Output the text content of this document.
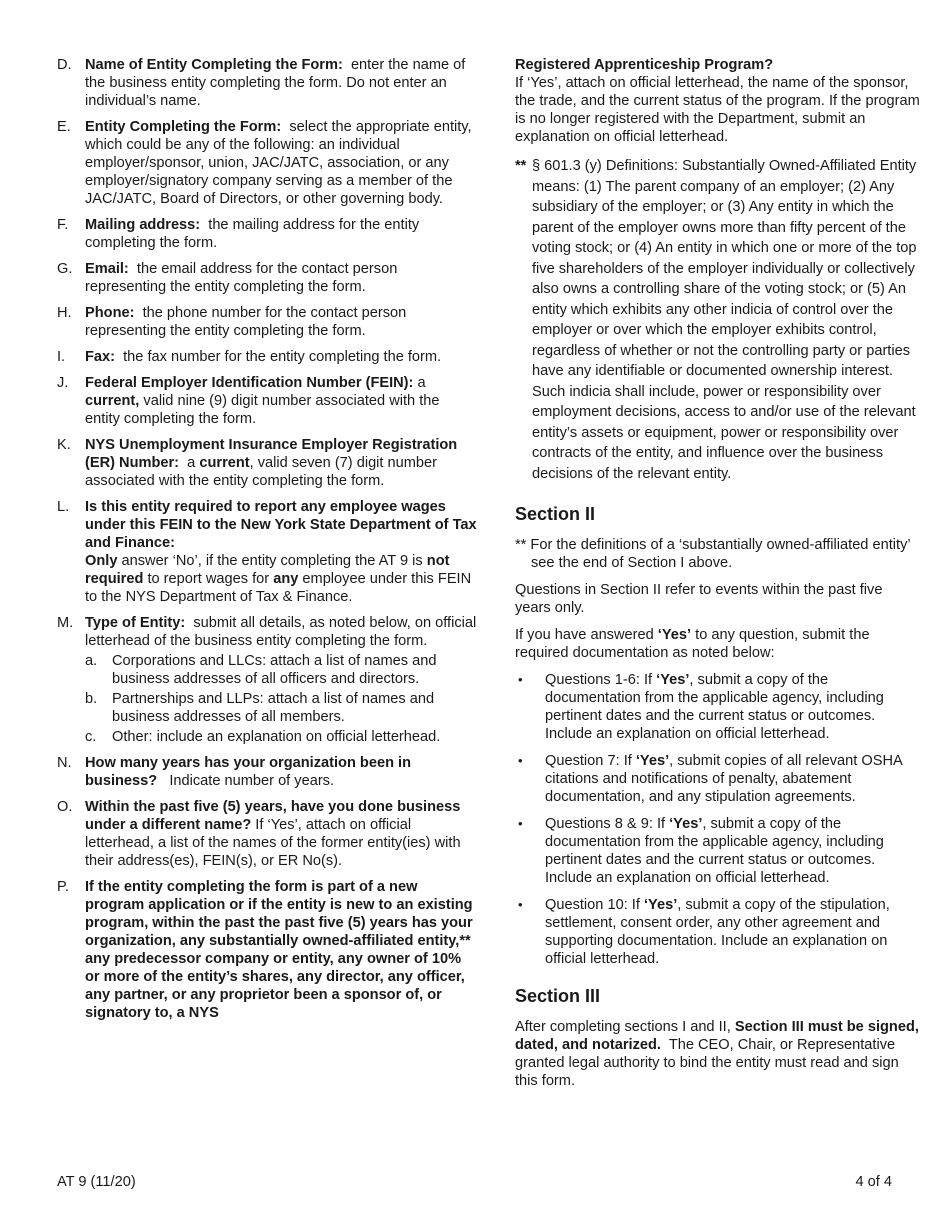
D. Name of Entity Completing the Form: enter the name of the business entity completing the form. Do not enter an individual’s name.
E. Entity Completing the Form: select the appropriate entity, which could be any of the following: an individual employer/sponsor, union, JAC/JATC, association, or any employer/signatory company serving as a member of the JAC/JATC, Board of Directors, or other governing body.
F.	Mailing address: the mailing address for the entity completing the form.
G. Email: the email address for the contact person representing the entity completing the form.
H. Phone: the phone number for the contact person representing the entity completing the form.
I.	Fax: the fax number for the entity completing the form.
J.	Federal Employer Identification Number (FEIN): a current, valid nine (9) digit number associated with the entity completing the form.
K. NYS Unemployment Insurance Employer Registration (ER) Number: a current, valid seven (7) digit number associated with the entity completing the form.
L.	Is this entity required to report any employee wages under this FEIN to the New York State Department of Tax and Finance:
Only answer ‘No’, if the entity completing the AT 9 is not required to report wages for any employee under this FEIN to the NYS Department of Tax & Finance.
M. Type of Entity: submit all details, as noted below, on official letterhead of the business entity completing the form.
a.	Corporations and LLCs: attach a list of names and business addresses of all officers and directors.
b.	Partnerships and LLPs: attach a list of names and business addresses of all members.
c.	Other: include an explanation on official letterhead.
N. How many years has your organization been in business? Indicate number of years.
O. Within the past five (5) years, have you done business under a different name? If ‘Yes’, attach on official letterhead, a list of the names of the former entity(ies) with their address(es), FEIN(s), or ER No(s).
P.	If the entity completing the form is part of a new program application or if the entity is new to an existing program, within the past the past five (5) years has your organization, any substantially owned-affiliated entity,** any predecessor company or entity, any owner of 10% or more of the entity’s shares, any director, any officer, any partner, or any proprietor been a sponsor of, or signatory to, a NYS
Registered Apprenticeship Program?
If ‘Yes’, attach on official letterhead, the name of the sponsor, the trade, and the current status of the program. If the program is no longer registered with the Department, submit an explanation on official letterhead.
** § 601.3 (y) Definitions: Substantially Owned-Affiliated Entity means: (1) The parent company of an employer; (2) Any subsidiary of the employer; or (3) Any entity in which the parent of the employer owns more than fifty percent of the voting stock; or (4) An entity in which one or more of the top five shareholders of the employer individually or collectively also owns a controlling share of the voting stock; or (5) An entity which exhibits any other indicia of control over the employer or over which the employer exhibits control, regardless of whether or not the controlling party or parties have any identifiable or documented ownership interest. Such indicia shall include, power or responsibility over employment decisions, access to and/or use of the relevant entity’s assets or equipment, power or responsibility over contracts of the entity, and influence over the business decisions of the relevant entity.
Section II

** For the definitions of a ‘substantially owned-affiliated entity’ see the end of Section I above.

Questions in Section II refer to events within the past five years only.

If you have answered ‘Yes’ to any question, submit the required documentation as noted below:

•	Questions 1-6: If ‘Yes’, submit a copy of the documentation from the applicable agency, including pertinent dates and the current status or outcomes. Include an explanation on official letterhead.
•	Question 7: If ‘Yes’, submit copies of all relevant OSHA citations and notifications of penalty, abatement documentation, and any stipulation agreements.
•	Questions 8 & 9: If ‘Yes’, submit a copy of the documentation from the applicable agency, including pertinent dates and the current status or outcomes. Include an explanation on official letterhead.
•	Question 10: If ‘Yes’, submit a copy of the stipulation, settlement, consent order, any other agreement and supporting documentation. Include an explanation on official letterhead.
Section III

After completing sections I and II, Section III must be signed, dated, and notarized. The CEO, Chair, or Representative granted legal authority to bind the entity must read and sign this form.

AT 9 (11/20)	4 of 4
